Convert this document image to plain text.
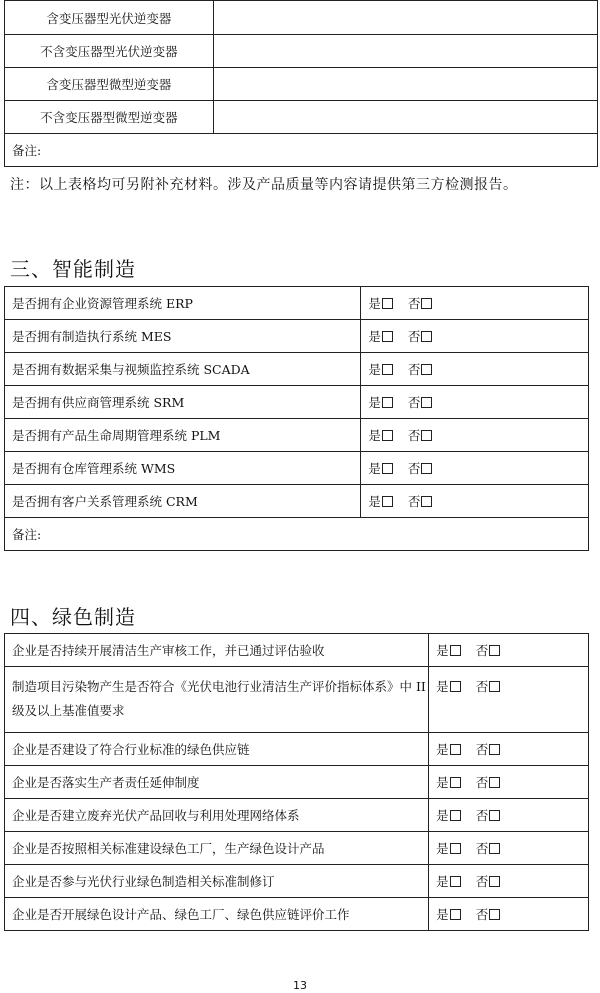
含变压器型光伏逆变器	
不含变压器型光伏逆变器	
含变压器型微型逆变器	
不含变压器型微型逆变器	
备注:	
注：以上表格均可另附补充材料。涉及产品质量等内容请提供第三方检测报告。
三、智能制造
是否拥有企业资源管理系统 ERP	是 否
是否拥有制造执行系统 MES	是 否
是否拥有数据采集与视频监控系统 SCADA	是 否
是否拥有供应商管理系统 SRM	是 否
是否拥有产品生命周期管理系统 PLM	是 否
是否拥有仓库管理系统 WMS	是 否
是否拥有客户关系管理系统 CRM	是 否
备注:	
四、绿色制造
企业是否持续开展清洁生产审核工作，并已通过评估验收	是 否
制造项目污染物产生是否符合《光伏电池行业清洁生产评价指标体系》中 II 级及以上基准值要求	是 否
企业是否建设了符合行业标准的绿色供应链	是 否
企业是否落实生产者责任延伸制度	是 否
企业是否建立废弃光伏产品回收与利用处理网络体系	是 否
企业是否按照相关标准建设绿色工厂，生产绿色设计产品	是 否
企业是否参与光伏行业绿色制造相关标准制修订	是 否
企业是否开展绿色设计产品、绿色工厂、绿色供应链评价工作	是 否
13
